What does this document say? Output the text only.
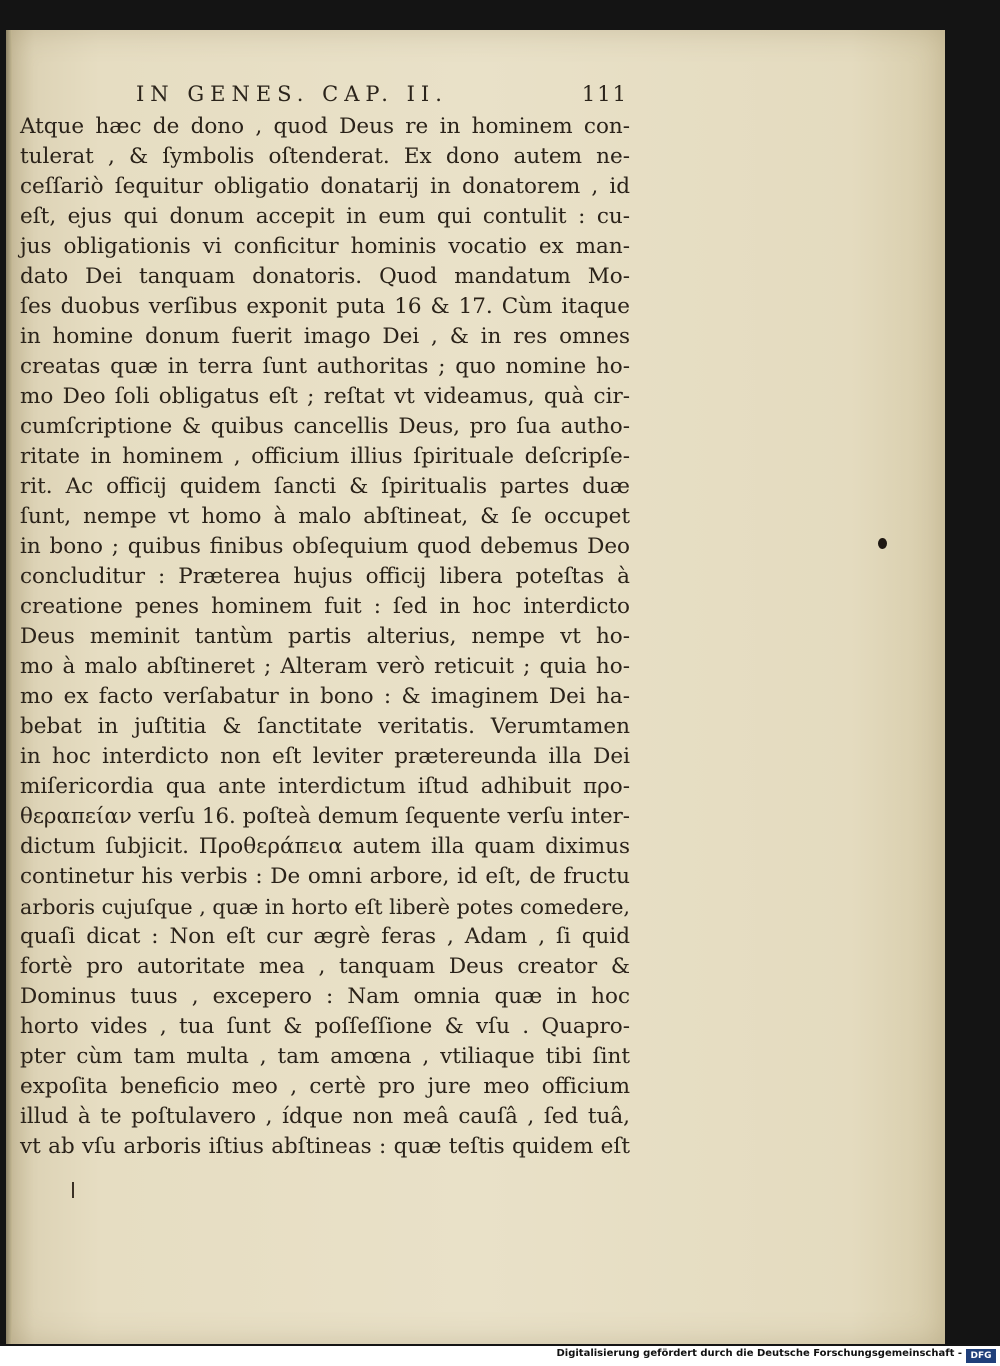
IN GENES. CAP. II.	111
Atque hæc de dono , quod Deus re in hominem con-
tulerat , & ſymbolis oſtenderat. Ex dono autem ne-
ceſſariò ſequitur obligatio donatarij in donatorem , id
eſt, ejus qui donum accepit in eum qui contulit : cu-
jus obligationis vi conficitur hominis vocatio ex man-
dato Dei tanquam donatoris. Quod mandatum Mo-
ſes duobus verſibus exponit puta 16 & 17. Cùm itaque
in homine donum fuerit imago Dei , & in res omnes
creatas quæ in terra ſunt authoritas ; quo nomine ho-
mo Deo ſoli obligatus eſt ; reſtat vt videamus, quà cir-
cumſcriptione & quibus cancellis Deus, pro ſua autho-
ritate in hominem , officium illius ſpirituale deſcripſe-
rit. Ac officij quidem ſancti & ſpiritualis partes duæ
ſunt, nempe vt homo à malo abſtineat, & ſe occupet
in bono ; quibus finibus obſequium quod debemus Deo
concluditur : Præterea hujus officij libera poteſtas à
creatione penes hominem fuit : ſed in hoc interdicto
Deus meminit tantùm partis alterius, nempe vt ho-
mo à malo abſtineret ; Alteram verò reticuit ; quia ho-
mo ex facto verſabatur in bono : & imaginem Dei ha-
bebat in juſtitia & ſanctitate veritatis. Verumtamen
in hoc interdicto non eſt leviter prætereunda illa Dei
miſericordia qua ante interdictum iſtud adhibuit προ-
θεραπείαν verſu 16. poſteà demum ſequente verſu inter-
dictum ſubjicit. Προθεράπεια autem illa quam diximus
continetur his verbis : De omni arbore, id eſt, de fructu
arboris cujuſque , quæ in horto eſt liberè potes comedere,
quaſi dicat : Non eſt cur ægrè feras , Adam , ſi quid
fortè pro autoritate mea , tanquam Deus creator &
Dominus tuus , excepero : Nam omnia quæ in hoc
horto vides , tua ſunt & poſſeſſione & vſu . Quapro-
pter cùm tam multa , tam amœna , vtiliaque tibi ſint
expoſita beneficio meo , certè pro jure meo officium
illud à te poſtulavero , ídque non meâ cauſâ , ſed tuâ,
vt ab vſu arboris iſtius abſtineas : quæ teſtis quidem eſt
Digitalisierung gefördert durch die Deutsche Forschungsgemeinschaft - DFG
